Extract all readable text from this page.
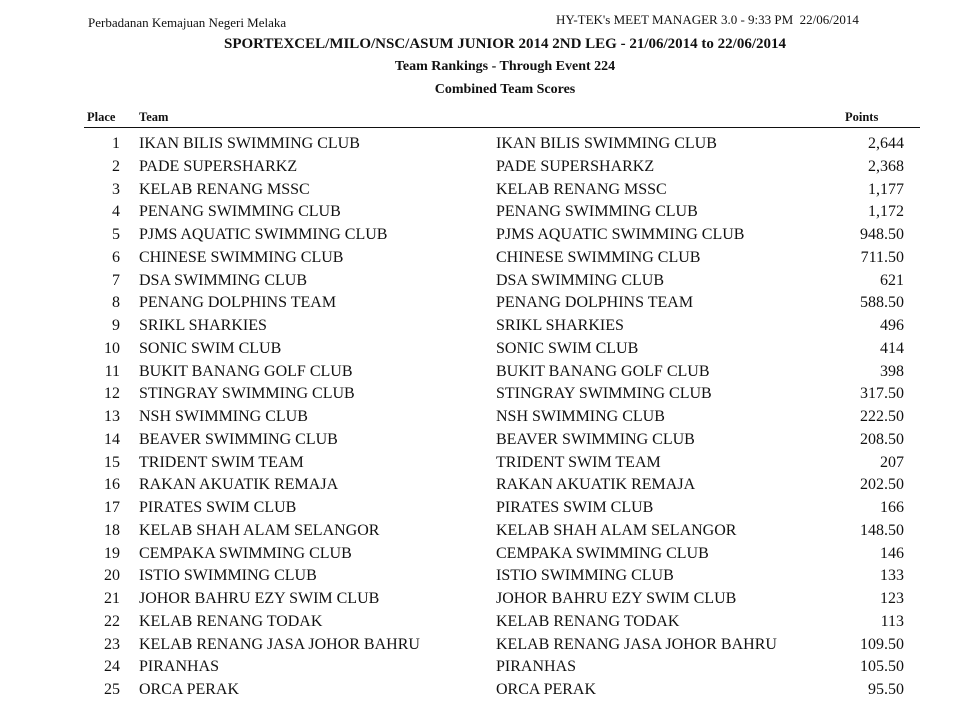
Perbadanan Kemajuan Negeri Melaka	HY-TEK's MEET MANAGER 3.0 - 9:33 PM  22/06/2014
SPORTEXCEL/MILO/NSC/ASUM JUNIOR 2014 2ND LEG - 21/06/2014 to 22/06/2014
Team Rankings - Through Event 224
Combined Team Scores
Place Team	Points
1 IKAN BILIS SWIMMING CLUB	IKAN BILIS SWIMMING CLUB	2,644
2 PADE SUPERSHARKZ	PADE SUPERSHARKZ	2,368
3 KELAB RENANG MSSC	KELAB RENANG MSSC	1,177
4 PENANG SWIMMING CLUB	PENANG SWIMMING CLUB	1,172
5 PJMS AQUATIC SWIMMING CLUB	PJMS AQUATIC SWIMMING CLUB	948.50
6 CHINESE SWIMMING CLUB	CHINESE SWIMMING CLUB	711.50
7 DSA SWIMMING CLUB	DSA SWIMMING CLUB	621
8 PENANG DOLPHINS TEAM	PENANG DOLPHINS TEAM	588.50
9 SRIKL SHARKIES	SRIKL SHARKIES	496
10 SONIC SWIM CLUB	SONIC SWIM CLUB	414
11 BUKIT BANANG GOLF CLUB	BUKIT BANANG GOLF CLUB	398
12 STINGRAY SWIMMING CLUB	STINGRAY SWIMMING CLUB	317.50
13 NSH SWIMMING CLUB	NSH SWIMMING CLUB	222.50
14 BEAVER SWIMMING CLUB	BEAVER SWIMMING CLUB	208.50
15 TRIDENT SWIM TEAM	TRIDENT SWIM TEAM	207
16 RAKAN AKUATIK REMAJA	RAKAN AKUATIK REMAJA	202.50
17 PIRATES SWIM CLUB	PIRATES SWIM CLUB	166
18 KELAB SHAH ALAM SELANGOR	KELAB SHAH ALAM SELANGOR	148.50
19 CEMPAKA SWIMMING CLUB	CEMPAKA SWIMMING CLUB	146
20 ISTIO SWIMMING CLUB	ISTIO SWIMMING CLUB	133
21 JOHOR BAHRU EZY SWIM CLUB	JOHOR BAHRU EZY SWIM CLUB	123
22 KELAB RENANG TODAK	KELAB RENANG TODAK	113
23 KELAB RENANG JASA JOHOR BAHRU	KELAB RENANG JASA JOHOR BAHRU	109.50
24 PIRANHAS	PIRANHAS	105.50
25 ORCA PERAK	ORCA PERAK	95.50
